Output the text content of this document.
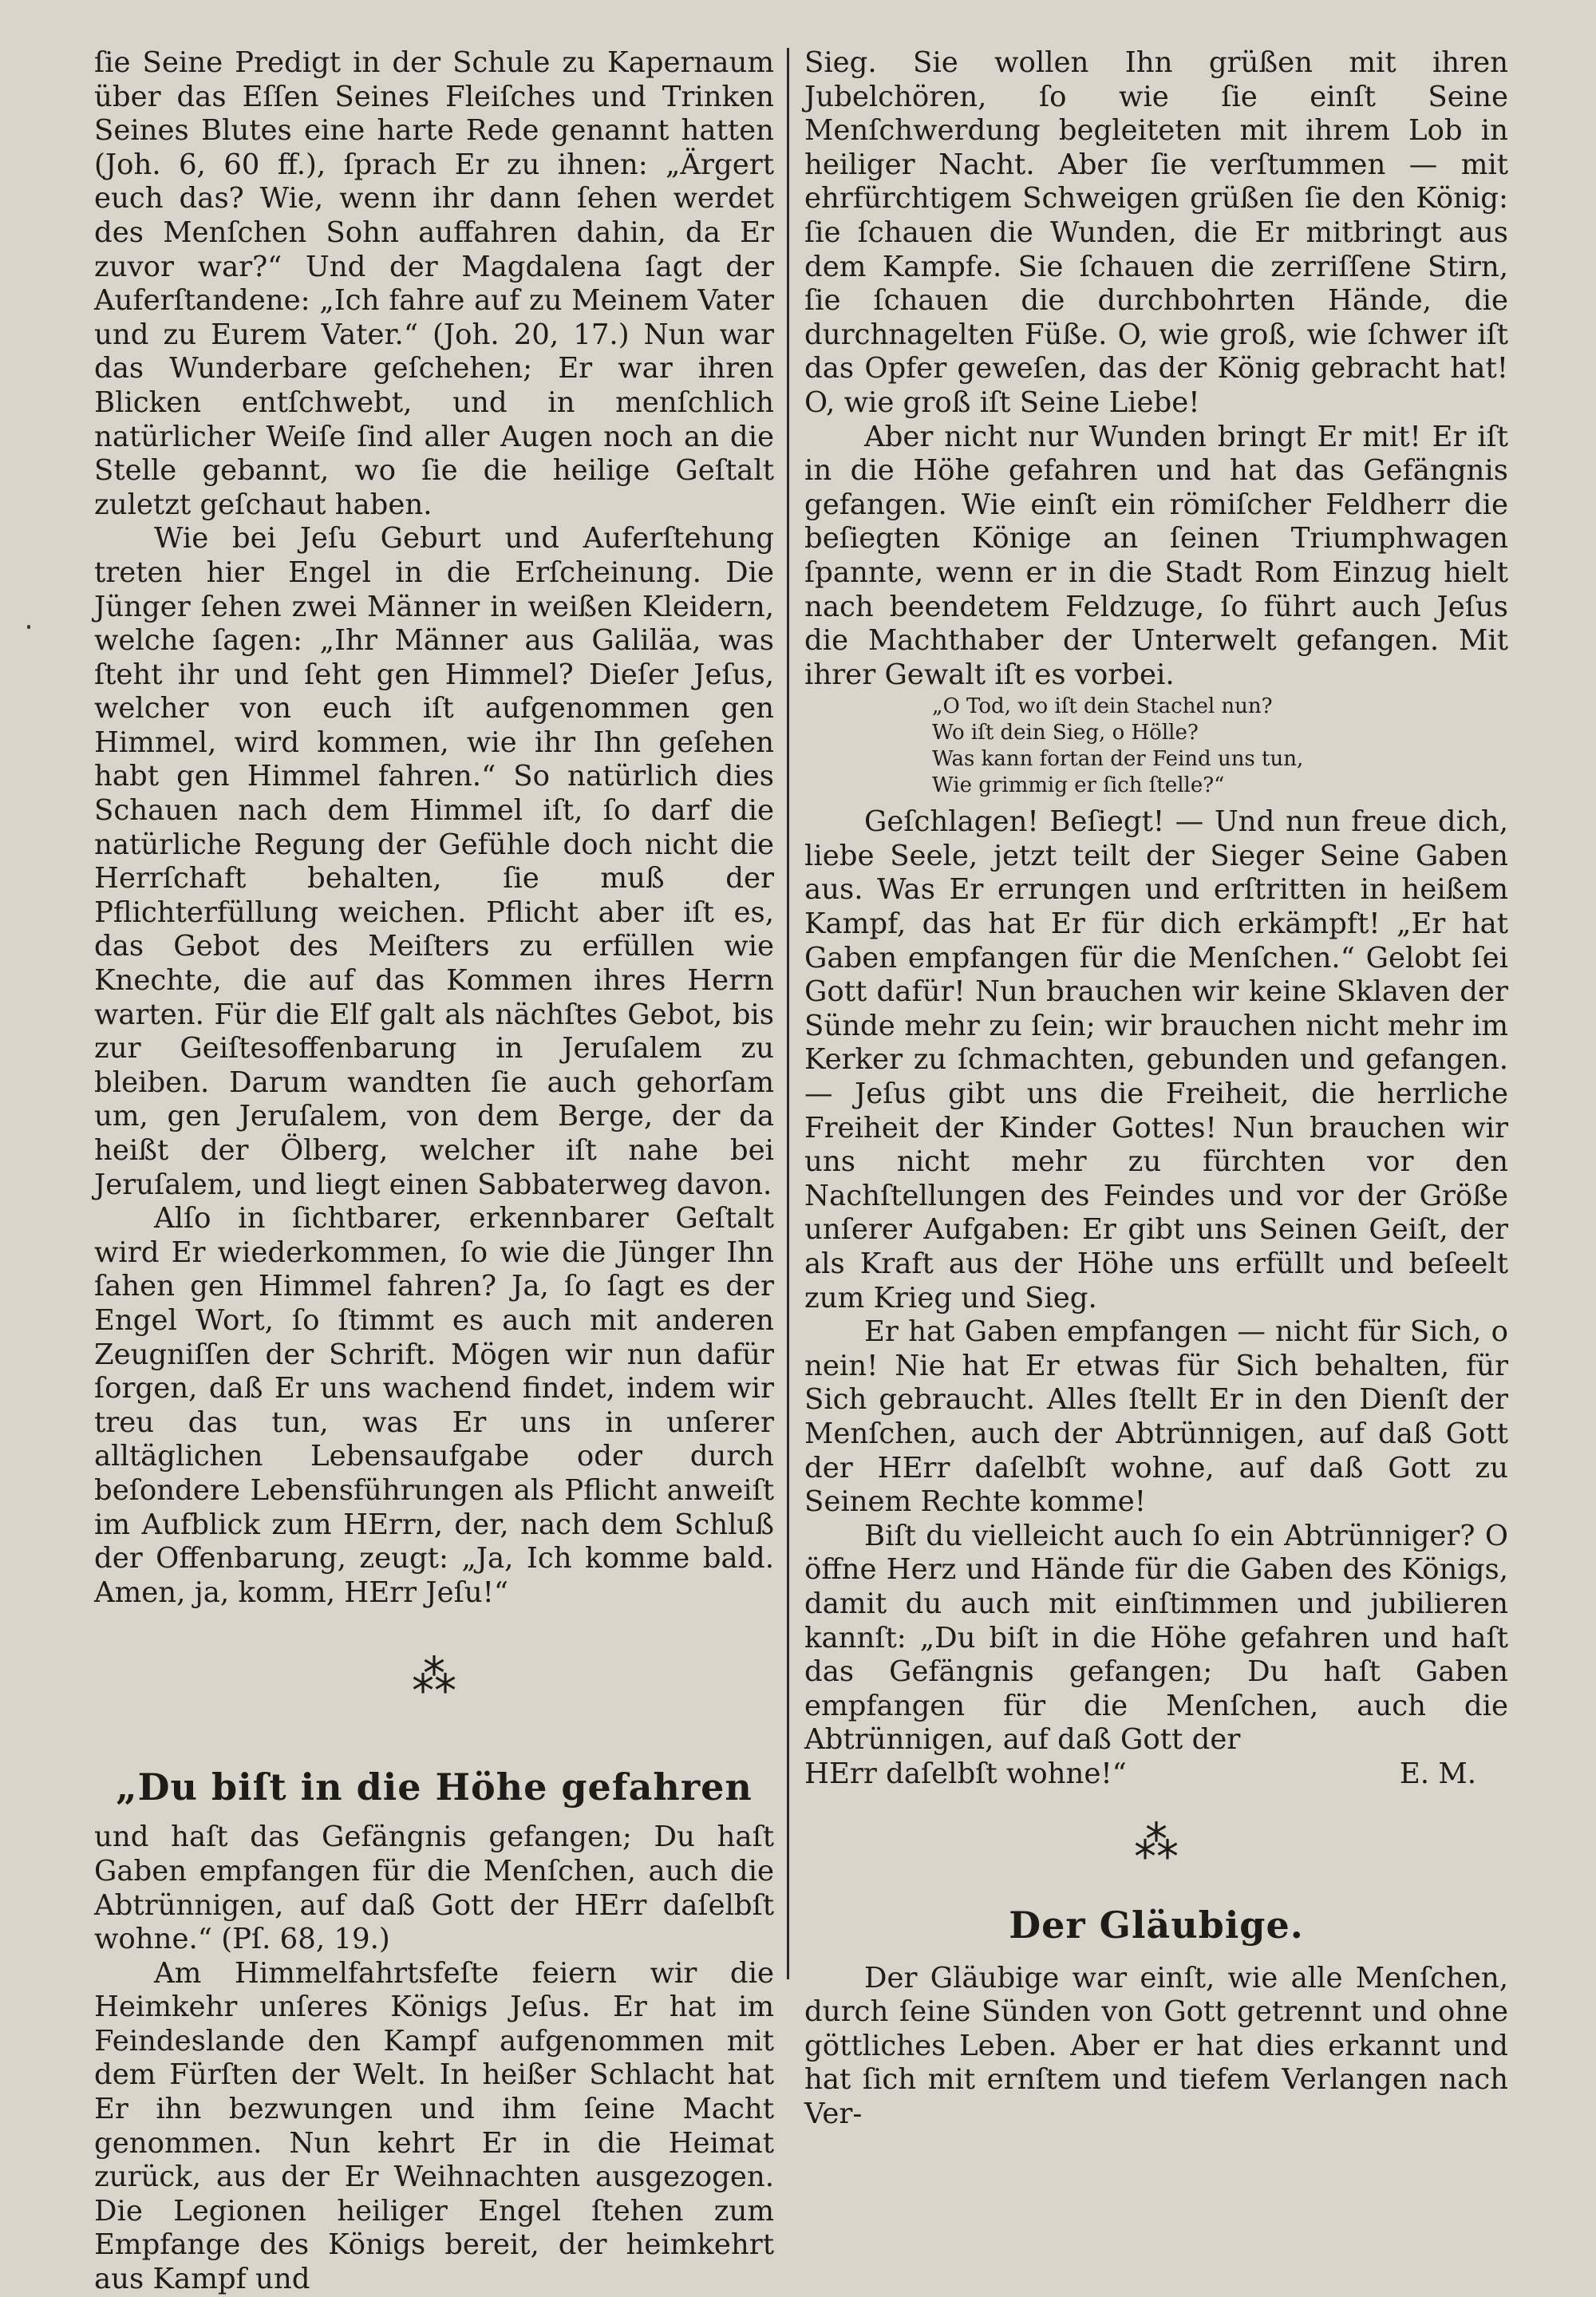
ſie Seine Predigt in der Schule zu Kapernaum über das Eſſen Seines Fleiſches und Trinken Seines Blutes eine harte Rede genannt hatten (Joh. 6, 60 ff.), ſprach Er zu ihnen: „Ärgert euch das? Wie, wenn ihr dann ſehen werdet des Menſchen Sohn auffahren dahin, da Er zuvor war?“ Und der Magdalena ſagt der Auferſtandene: „Ich fahre auf zu Meinem Vater und zu Eurem Vater.“ (Joh. 20, 17.) Nun war das Wunderbare geſchehen; Er war ihren Blicken entſchwebt, und in menſchlich natürlicher Weiſe ſind aller Augen noch an die Stelle gebannt, wo ſie die heilige Geſtalt zuletzt geſchaut haben.

Wie bei Jeſu Geburt und Auferſtehung treten hier Engel in die Erſcheinung. Die Jünger ſehen zwei Männer in weißen Kleidern, welche ſagen: „Ihr Männer aus Galiläa, was ſteht ihr und ſeht gen Himmel? Dieſer Jeſus, welcher von euch iſt aufgenommen gen Himmel, wird kommen, wie ihr Ihn geſehen habt gen Himmel fahren.“ So natürlich dies Schauen nach dem Himmel iſt, ſo darf die natürliche Regung der Gefühle doch nicht die Herrſchaft behalten, ſie muß der Pflichterfüllung weichen. Pflicht aber iſt es, das Gebot des Meiſters zu erfüllen wie Knechte, die auf das Kommen ihres Herrn warten. Für die Elf galt als nächſtes Gebot, bis zur Geiſtesoffenbarung in Jeruſalem zu bleiben. Darum wandten ſie auch gehorſam um, gen Jeruſalem, von dem Berge, der da heißt der Ölberg, welcher iſt nahe bei Jeruſalem, und liegt einen Sabbaterweg davon.

Alſo in ſichtbarer, erkennbarer Geſtalt wird Er wiederkommen, ſo wie die Jünger Ihn ſahen gen Himmel fahren? Ja, ſo ſagt es der Engel Wort, ſo ſtimmt es auch mit anderen Zeugniſſen der Schrift. Mögen wir nun dafür ſorgen, daß Er uns wachend findet, indem wir treu das tun, was Er uns in unſerer alltäglichen Lebensaufgabe oder durch beſondere Lebensführungen als Pflicht anweiſt im Aufblick zum HErrn, der, nach dem Schluß der Offenbarung, zeugt: „Ja, Ich komme bald. Amen, ja, komm, HErr Jeſu!“

⁂
„Du biſt in die Höhe gefahren

und haſt das Gefängnis gefangen; Du haſt Gaben empfangen für die Menſchen, auch die Abtrünnigen, auf daß Gott der HErr daſelbſt wohne.“ (Pſ. 68, 19.)

Am Himmelfahrtsfeſte feiern wir die Heimkehr unſeres Königs Jeſus. Er hat im Feindeslande den Kampf aufgenommen mit dem Fürſten der Welt. In heißer Schlacht hat Er ihn bezwungen und ihm ſeine Macht genommen. Nun kehrt Er in die Heimat zurück, aus der Er Weihnachten ausgezogen. Die Legionen heiliger Engel ſtehen zum Empfange des Königs bereit, der heimkehrt aus Kampf und

Sieg. Sie wollen Ihn grüßen mit ihren Jubelchören, ſo wie ſie einſt Seine Menſchwerdung begleiteten mit ihrem Lob in heiliger Nacht. Aber ſie verſtummen — mit ehrfürchtigem Schweigen grüßen ſie den König: ſie ſchauen die Wunden, die Er mitbringt aus dem Kampfe. Sie ſchauen die zerriſſene Stirn, ſie ſchauen die durchbohrten Hände, die durchnagelten Füße. O, wie groß, wie ſchwer iſt das Opfer geweſen, das der König gebracht hat! O, wie groß iſt Seine Liebe!

Aber nicht nur Wunden bringt Er mit! Er iſt in die Höhe gefahren und hat das Gefängnis gefangen. Wie einſt ein römiſcher Feldherr die beſiegten Könige an ſeinen Triumphwagen ſpannte, wenn er in die Stadt Rom Einzug hielt nach beendetem Feldzuge, ſo führt auch Jeſus die Machthaber der Unterwelt gefangen. Mit ihrer Gewalt iſt es vorbei.

„O Tod, wo iſt dein Stachel nun?
Wo iſt dein Sieg, o Hölle?
Was kann fortan der Feind uns tun,
Wie grimmig er ſich ſtelle?“

Geſchlagen! Beſiegt! — Und nun freue dich, liebe Seele, jetzt teilt der Sieger Seine Gaben aus. Was Er errungen und erſtritten in heißem Kampf, das hat Er für dich erkämpft! „Er hat Gaben empfangen für die Menſchen.“ Gelobt ſei Gott dafür! Nun brauchen wir keine Sklaven der Sünde mehr zu ſein; wir brauchen nicht mehr im Kerker zu ſchmachten, gebunden und gefangen. — Jeſus gibt uns die Freiheit, die herrliche Freiheit der Kinder Gottes! Nun brauchen wir uns nicht mehr zu fürchten vor den Nachſtellungen des Feindes und vor der Größe unſerer Aufgaben: Er gibt uns Seinen Geiſt, der als Kraft aus der Höhe uns erfüllt und beſeelt zum Krieg und Sieg.

Er hat Gaben empfangen — nicht für Sich, o nein! Nie hat Er etwas für Sich behalten, für Sich gebraucht. Alles ſtellt Er in den Dienſt der Menſchen, auch der Abtrünnigen, auf daß Gott der HErr daſelbſt wohne, auf daß Gott zu Seinem Rechte komme!

Biſt du vielleicht auch ſo ein Abtrünniger? O öffne Herz und Hände für die Gaben des Königs, damit du auch mit einſtimmen und jubilieren kannſt: „Du biſt in die Höhe gefahren und haſt das Gefängnis gefangen; Du haſt Gaben empfangen für die Menſchen, auch die Abtrünnigen, auf daß Gott der

HErr daſelbſt wohne!“	E. M.
⁂
Der Gläubige.

Der Gläubige war einſt, wie alle Menſchen, durch ſeine Sünden von Gott getrennt und ohne göttliches Leben. Aber er hat dies erkannt und hat ſich mit ernſtem und tiefem Verlangen nach Ver-
